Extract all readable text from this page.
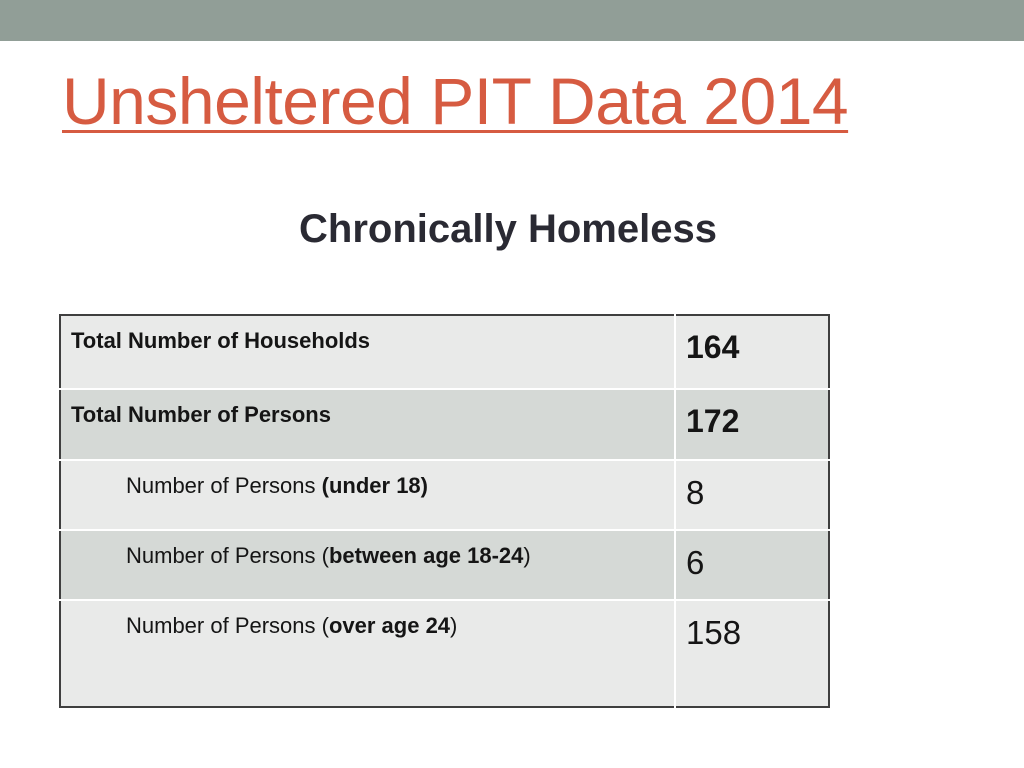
Unsheltered PIT Data 2014
Chronically Homeless
Total Number of Households	164
Total Number of Persons	172
Number of Persons (under 18)	8
Number of Persons (between age 18-24)	6
Number of Persons (over age 24)	158
